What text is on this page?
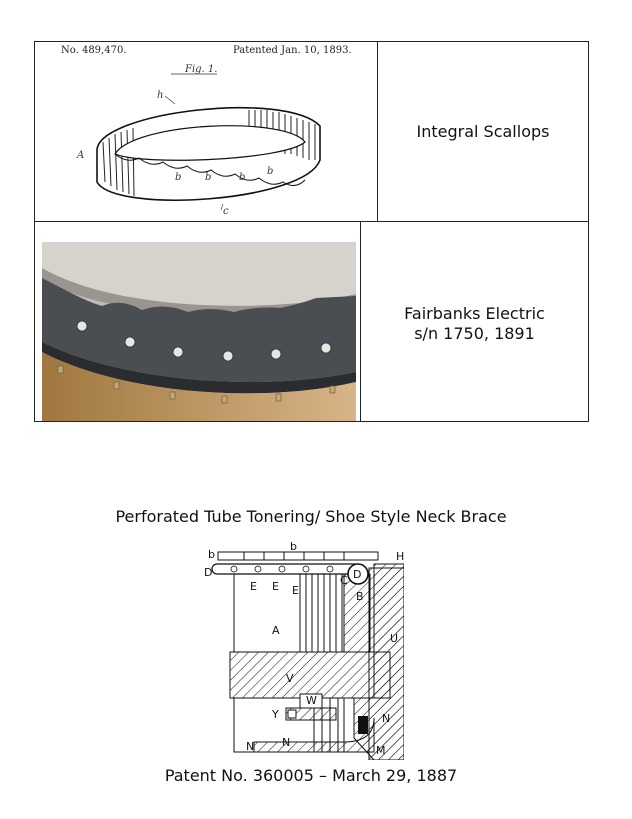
No. 489,470.	Patented Jan. 10, 1893.
Fig. 1.
h
A
b b	b
b
c
Integral Scallops
Fairbanks Electric
s/n 1750, 1891
Perforated Tube Tonering/ Shoe Style Neck Brace
b
b
D	D
H
C
B
E E E
A
U
V
W
Y	N
N	N
M
Patent No. 360005 – March 29, 1887
